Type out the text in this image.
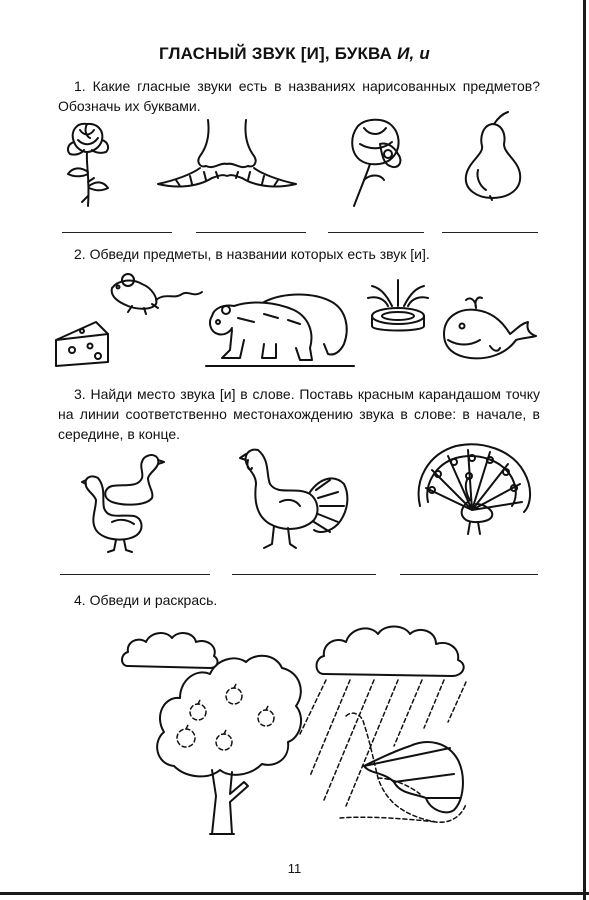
ГЛАСНЫЙ ЗВУК [И], БУКВА И, и
1. Какие гласные звуки есть в названиях нарисованных предметов? Обозначь их буквами.
2. Обведи предметы, в названии которых есть звук [и].
3. Найди место звука [и] в слове. Поставь красным карандашом точку на линии соответственно местонахождению звука в слове: в начале, в середине, в конце.
4. Обведи и раскрась.
11
